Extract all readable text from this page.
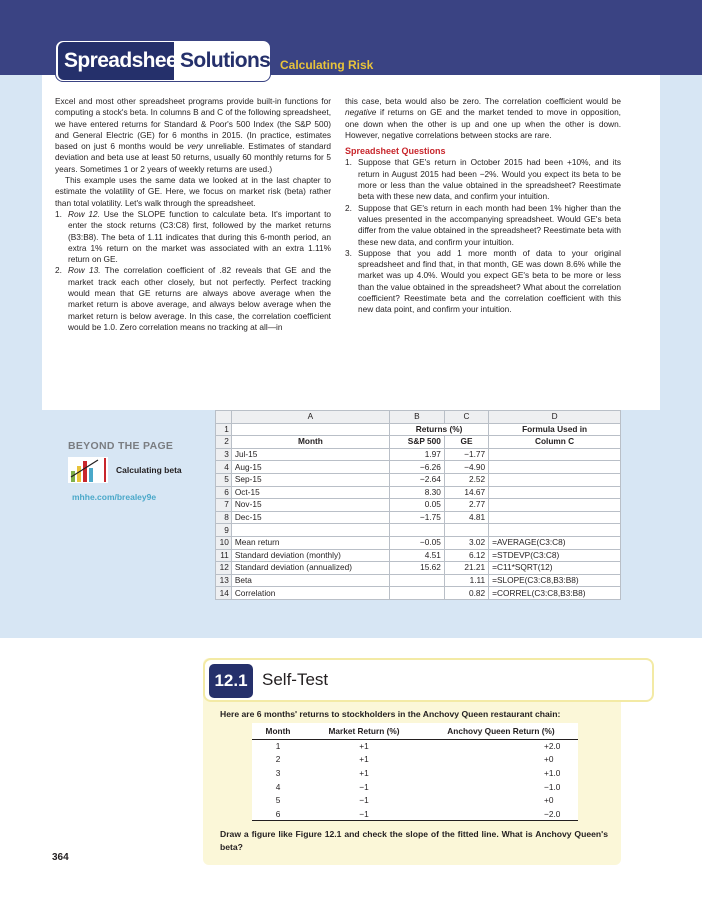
Spreadsheet
Solutions Calculating Risk

Excel and most other spreadsheet programs provide built-in functions for computing a stock's beta. In columns B and C of the following spreadsheet, we have entered returns for Standard & Poor's 500 Index (the S&P 500) and General Electric (GE) for 6 months in 2015. (In practice, estimates based on just 6 months would be very unreliable. Estimates of standard deviation and beta use at least 50 returns, usually 60 monthly returns for 5 years. Sometimes 1 or 2 years of weekly returns are used.)

This example uses the same data we looked at in the last chapter to estimate the volatility of GE. Here, we focus on market risk (beta) rather than total volatility. Let's walk through the spreadsheet.

1. Row 12. Use the SLOPE function to calculate beta. It's important to enter the stock returns (C3:C8) first, followed by the market returns (B3:B8). The beta of 1.11 indicates that during this 6-month period, an extra 1% return on the market was associated with an extra 1.11% return on GE.
2. Row 13. The correlation coefficient of .82 reveals that GE and the market track each other closely, but not perfectly. Perfect tracking would mean that GE returns are always above average when the market return is above average, and always below average when the market return is below average. In this case, the correlation coefficient would be 1.0. Zero correlation means no tracking at all—in

this case, beta would also be zero. The correlation coefficient would be negative if returns on GE and the market tended to move in opposition, one down when the other is up and one up when the other is down. However, negative correlations between stocks are rare.

Spreadsheet Questions
1. Suppose that GE's return in October 2015 had been +10%, and its return in August 2015 had been −2%. Would you expect its beta to be more or less than the value obtained in the spreadsheet? Reestimate beta with these new data, and confirm your intuition.
2. Suppose that GE's return in each month had been 1% higher than the values presented in the accompanying spreadsheet. Would GE's beta differ from the value obtained in the spreadsheet? Reestimate beta with these new data, and confirm your intuition.
3. Suppose that you add 1 more month of data to your original spreadsheet and find that, in that month, GE was down 8.6% while the market was up 4.0%. Would you expect GE's beta to be more or less than the value obtained in the spreadsheet? What about the correlation coefficient? Reestimate beta and the correlation coefficient with this new data point, and confirm your intuition.
	A	B	C	D
1		Returns (%)		Formula Used in
2	Month	S&P 500	GE	Column C
3	Jul-15	1.97	−1.77	
4	Aug-15	−6.26	−4.90	
5	Sep-15	−2.64	2.52	
6	Oct-15	8.30	14.67	
7	Nov-15	0.05	2.77	
8	Dec-15	−1.75	4.81	
9				
10	Mean return	−0.05	3.02	=AVERAGE(C3:C8)
11	Standard deviation (monthly)	4.51	6.12	=STDEVP(C3:C8)
12	Standard deviation (annualized)	15.62	21.21	=C11*SQRT(12)
13	Beta		1.11	=SLOPE(C3:C8,B3:B8)
14	Correlation		0.82	=CORREL(C3:C8,B3:B8)
BEYOND THE PAGE
Calculating beta
mhhe.com/brealey9e
12.1 Self-Test
Here are 6 months' returns to stockholders in the Anchovy Queen restaurant chain:
Month	Market Return (%)	Anchovy Queen Return (%)
1	+1	+2.0
2	+1	+0
3	+1	+1.0
4	−1	−1.0
5	−1	+0
6	−1	−2.0
Draw a figure like Figure 12.1 and check the slope of the fitted line. What is Anchovy Queen's beta?
364
